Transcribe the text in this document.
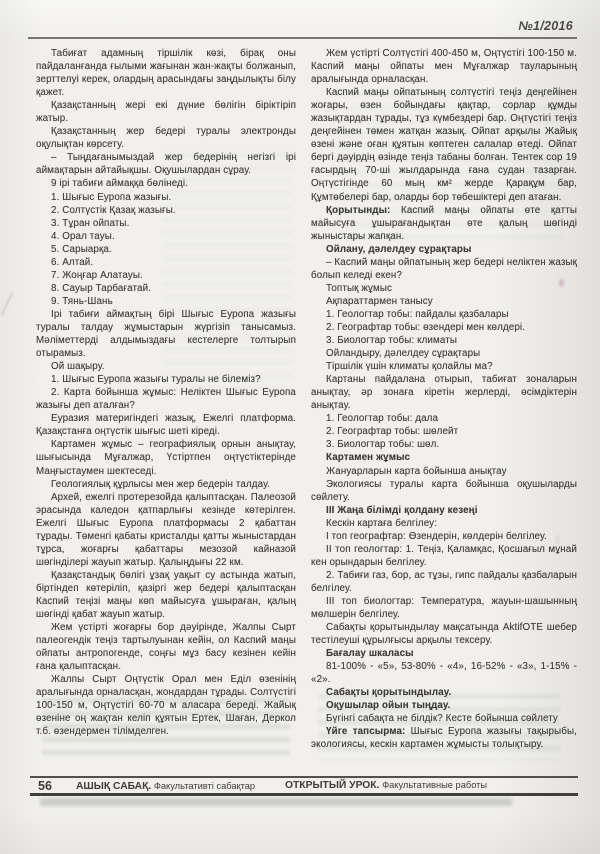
№1/2016

Табиғат адамның тіршілік көзі, бірақ оны пайдаланғанда ғылыми жағынан жан-жақты болжанып, зерттелуі керек, олардың арасындағы заңдылықты білу қажет.

Қазақстанның жері екі дүние бөлігін біріктіріп жатыр.

Қазақстанның жер бедері туралы электронды оқулықтан көрсету.

– Тыңдағанымыздай жер бедерінің негізгі ірі аймақтарын айтайықшы. Оқушылардан сұрау.

9 ірі табиғи аймаққа бөлінеді.

1. Шығыс Еуропа жазығы.

2. Солтүстік Қазақ жазығы.

3. Тұран ойпаты.

4. Орал тауы.

5. Сарыарқа.

6. Алтай.

7. Жоңғар Алатауы.

8. Сауыр Тарбағатай.

9. Тянь-Шань

Ірі табиғи аймақтың бірі Шығыс Еуропа жазығы туралы талдау жұмыстарын жүргізіп танысамыз. Мәліметтерді алдымыздағы кестелерге толтырып отырамыз.

Ой шақыру.

1. Шығыс Еуропа жазығы туралы не білеміз?

2. Карта бойынша жұмыс: Неліктен Шығыс Еуропа жазығы деп аталған?

Еуразия материгіндегі жазық, Ежелгі платформа. Қазақстанға оңтүстік шығыс шеті кіреді.

Картамен жұмыс – географиялық орнын анықтау, шығысында Мұғалжар, Үстіртпен оңтүстіктерінде Маңғыстаумен шектеседі.

Геологиялық құрлысы мен жер бедерін талдау.

Архей, ежелгі протерезойда қалыптасқан. Палеозой эрасында каледон қатпарлығы кезінде көтерілген. Ежелгі Шығыс Еуропа платформасы 2 қабаттан тұрады. Төменгі қабаты кристалды қатты жыныстардан тұрса, жоғарғы қабаттары мезозой кайназой шөгінділері жауып жатыр. Қалыңдығы 22 км.

Қазақстандық бөлігі ұзақ уақыт су астында жатып, біртіндеп көтеріліп, қазіргі жер бедері қалыптасқан Каспий теңізі маңы көп майысуға ұшыраған, қалың шөгінді қабат жауып жатыр.

Жем үстірті жоғарғы бор дәуірінде, Жалпы Сырт палеогендік теңіз тартылуынан кейін, ол Каспий маңы ойпаты антропогенде, соңғы мұз басу кезінен кейін ғана қалыптасқан.

Жалпы Сырт Оңтүстік Орал мен Еділ өзенінің аралығында орналасқан, жондардан тұрады. Солтүстігі 100-150 м, Оңтүстігі 60-70 м аласара береді. Жайық өзеніне оң жақтан келіп құятын Ертек, Шаған, Деркол т.б. өзендермен тілімделген.

Жем үстірті Солтүстігі 400-450 м, Оңтүстігі 100-150 м. Каспий маңы ойпаты мен Мұғалжар тауларының аралығында орналасқан.

Каспий маңы ойпатының солтүстігі теңіз деңгейінен жоғары, өзен бойындағы қақтар, сорлар құмды жазықтардан тұрады, тұз күмбездері бар. Оңтүстігі теңіз деңгейінен төмен жатқан жазық. Ойпат арқылы Жайық өзені және оған құятын көптеген салалар өтеді. Ойпат бергі дәуірдің өзінде теңіз табаны болған. Тентек сор 19 ғасырдың 70-ші жылдарында ғана судан тазарған. Оңтүстігінде 60 мың км² жерде Қарақұм бар, Құмтөбелері бар, оларды бор төбешіктері деп атаған.

Қорытынды: Каспий маңы ойпаты өте қатты майысуға ұшырағандықтан өте қалың шөгінді жыныстары жапқан.

Ойлану, дәлелдеу сұрақтары

– Каспий маңы ойпатының жер бедері неліктен жазық болып келеді екен?

Топтық жұмыс

Ақпараттармен танысу

1. Геологтар тобы: пайдалы қазбалары

2. Географтар тобы: өзендері мен көлдері.

3. Биологтар тобы: климаты

Ойландыру, дәлелдеу сұрақтары

Тіршілік үшін климаты қолайлы ма?

Картаны пайдалана отырып, табиғат зоналарын анықтау, әр зонаға кіретін жерлерді, өсімдіктерін анықтау.

1. Геологтар тобы: дала

2. Географтар тобы: шөлейт

3. Биологтар тобы: шөл.

Картамен жұмыс

Жануарларын карта бойынша анықтау

Экологиясы туралы карта бойынша оқушыларды сөйлету.

III Жаңа білімді қолдану кезеңі

Кескін картаға белгілеу:

I топ географтар: Өзендерін, көлдерін белгілеу.

II топ геологтар: 1. Теңіз, Қаламқас, Қосшағыл мұнай кен орындарын белгілеу.

2. Табиғи газ, бор, ас тұзы, гипс пайдалы қазбаларын белгілеу.

III топ биологтар: Температура, жауын-шашынның мөлшерін белгілеу.

Сабақты қорытындылау мақсатында AktifOTE шебер тестілеуші құрылғысы арқылы тексеру.

Бағалау шкаласы

81-100% - «5», 53-80% - «4», 16-52% - «3», 1-15% - «2».

Сабақты қорытындылау.

Оқушылар ойын тыңдау.

Бүгінгі сабақта не білдік? Кесте бойынша сөйлету

Үйге тапсырма: Шығыс Еуропа жазығы тақырыбы, экологиясы, кескін картамен жұмысты толықтыру.

56 АШЫҚ САБАҚ. Факультативті сабақтар	ОТКРЫТЫЙ УРОК. Факультативные работы
